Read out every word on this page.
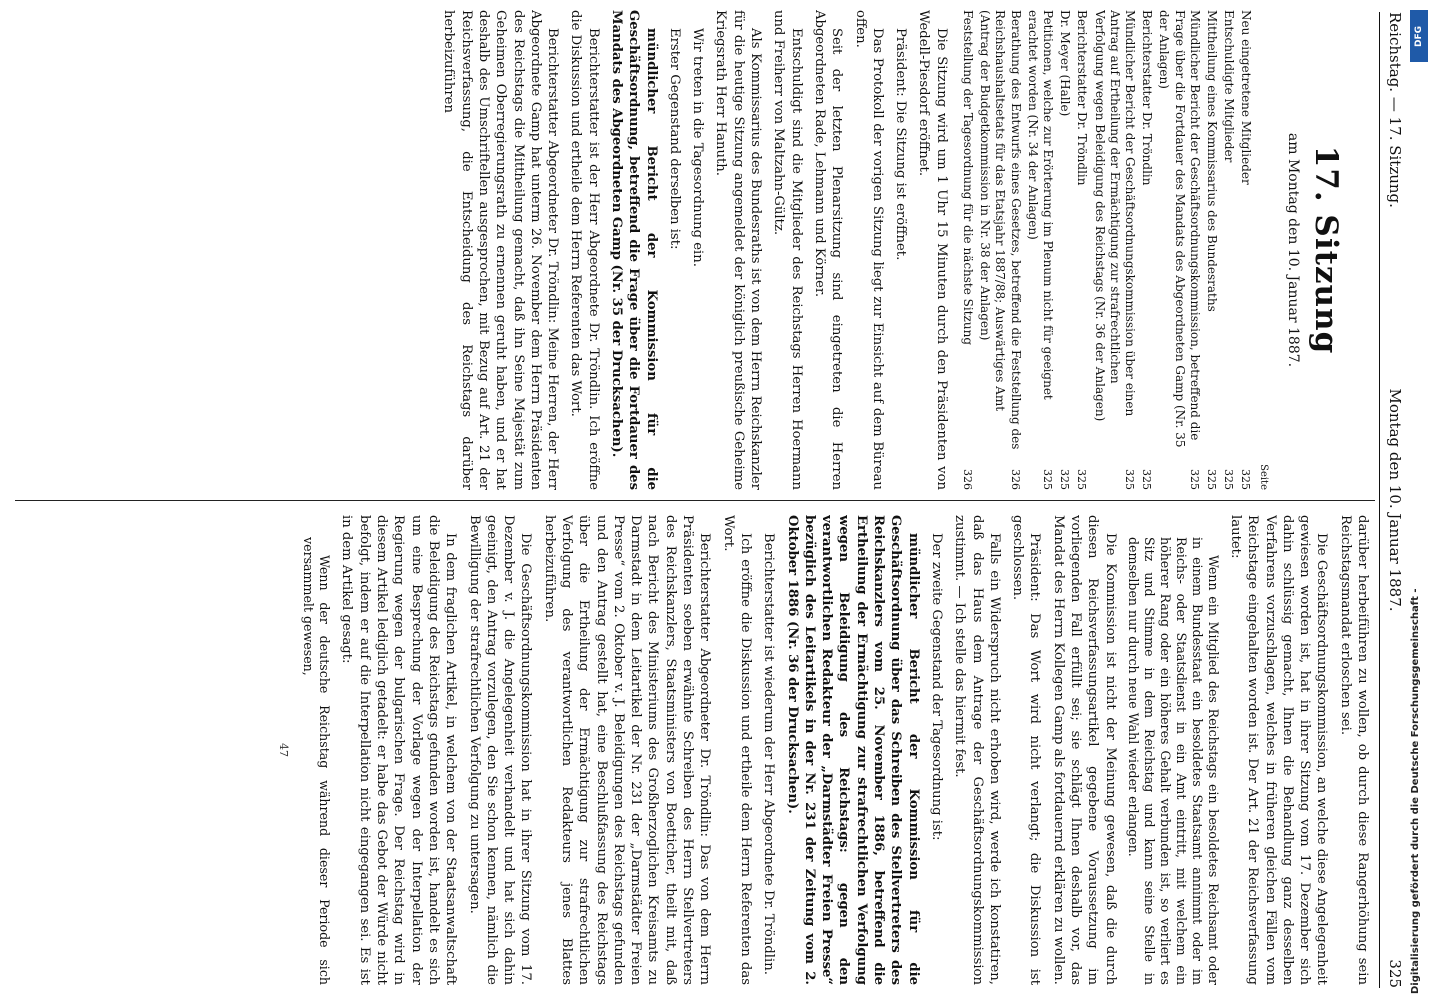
Reichstag. — 17. Sitzung.
Montag den 10. Januar 1887.
325
17. Sitzung
am Montag den 10. Januar 1887.
Seite
Neu eingetretene Mitglieder
325
Entschuldigte Mitglieder
325
Mittheilung eines Kommissarius des Bundesraths
325
Mündlicher Bericht der Geschäftsordnungskommission, betreffend die Frage über die Fortdauer des Mandats des Abgeordneten Gamp (Nr. 35 der Anlagen)
325
Berichterstatter Dr. Tröndlin
325
Mündlicher Bericht der Geschäftsordnungskommission über einen Antrag auf Ertheilung der Ermächtigung zur strafrechtlichen Verfolgung wegen Beleidigung des Reichstags (Nr. 36 der Anlagen)
325
Berichterstatter Dr. Tröndlin
325
Dr. Meyer (Halle)
325
Petitionen, welche zur Erörterung im Plenum nicht für geeignet erachtet worden (Nr. 34 der Anlagen)
325
Berathung des Entwurfs eines Gesetzes, betreffend die Feststellung des Reichshaushaltsetats für das Etatsjahr 1887/88; Auswärtiges Amt (Antrag der Budgetkommission in Nr. 38 der Anlagen)
326
Feststellung der Tagesordnung für die nächste Sitzung
326

Die Sitzung wird um 1 Uhr 15 Minuten durch den Präsidenten von Wedell-Piesdorf eröffnet.

Präsident: Die Sitzung ist eröffnet.

Das Protokoll der vorigen Sitzung liegt zur Einsicht auf dem Büreau offen.

Seit der letzten Plenarsitzung sind eingetreten die Herren Abgeordneten Rade, Lehmann und Körner.

Entschuldigt sind die Mitglieder des Reichstags Herren Hoermann und Freiherr von Maltzahn-Gültz.

Als Kommissarius des Bundesraths ist von dem Herrn Reichskanzler für die heutige Sitzung angemeldet der königlich preußische Geheime Kriegsrath Herr Hanuth.

Wir treten in die Tagesordnung ein.

Erster Gegenstand derselben ist:

mündlicher Bericht der Kommission für die Geschäftsordnung, betreffend die Frage über die Fortdauer des Mandats des Abgeordneten Gamp (Nr. 35 der Drucksachen).

Berichterstatter ist der Herr Abgeordnete Dr. Tröndlin. Ich eröffne die Diskussion und ertheile dem Herrn Referenten das Wort.

Berichterstatter Abgeordneter Dr. Tröndlin: Meine Herren, der Herr Abgeordnete Gamp hat unterm 26. November dem Herrn Präsidenten des Reichstags die Mittheilung gemacht, daß ihn Seine Majestät zum Geheimen Oberregierungsrath zu ernennen geruht haben, und er hat deshalb des Umschriftellen ausgesprochen, mit Bezug auf Art. 21 der Reichsverfassung, die Entscheidung des Reichstags darüber herbeizuführen

darüber herbeiführen zu wollen, ob durch diese Rangerhöhung sein Reichstagsmandat erloschen sei.

Die Geschäftsordnungskommission, an welche diese Angelegenheit gewiesen worden ist, hat in ihrer Sitzung vom 17. Dezember sich dahin schlüssig gemacht, Ihnen die Behandlung ganz desselben Verfahrens vorzuschlagen, welches in früheren gleichen Fällen vom Reichstage eingehalten worden ist. Der Art. 21 der Reichsverfassung lautet:

Wenn ein Mitglied des Reichstags ein besoldetes Reichsamt oder in einem Bundesstaat ein besoldetes Staatsamt annimmt oder im Reichs- oder Staatsdienst in ein Amt eintritt, mit welchem ein höherer Rang oder ein höheres Gehalt verbunden ist, so verliert es Sitz und Stimme in dem Reichstag und kann seine Stelle in demselben nur durch neue Wahl wieder erlangen.

Die Kommission ist nicht der Meinung gewesen, daß die durch diesen Reichsverfassungsartikel gegebene Voraussetzung im vorliegenden Fall erfüllt sei; sie schlägt Ihnen deshalb vor, das Mandat des Herrn Kollegen Gamp als fortdauernd erklären zu wollen.

Präsident: Das Wort wird nicht verlangt; die Diskussion ist geschlossen.

Falls ein Widerspruch nicht erhoben wird, werde ich konstatiren, daß das Haus dem Antrage der Geschäftsordnungskommission zustimmt. — Ich stelle das hiermit fest.

Der zweite Gegenstand der Tagesordnung ist:

mündlicher Bericht der Kommission für die Geschäftsordnung über das Schreiben des Stellvertreters des Reichskanzlers vom 25. November 1886, betreffend die Ertheilung der Ermächtigung zur strafrechtlichen Verfolgung wegen Beleidigung des Reichstags: gegen den verantwortlichen Redakteur der „Darmstädter Freien Presse“ bezüglich des Leitartikels in der Nr. 231 der Zeitung vom 2. Oktober 1886 (Nr. 36 der Drucksachen).

Berichterstatter ist wiederum der Herr Abgeordnete Dr. Tröndlin.

Ich eröffne die Diskussion und ertheile dem Herrn Referenten das Wort.

Berichterstatter Abgeordneter Dr. Tröndlin: Das von dem Herrn Präsidenten soeben erwähnte Schreiben des Herrn Stellvertreters des Reichskanzlers, Staatsministers von Boetticher, theilt mit, daß nach Bericht des Ministeriums des Großherzoglichen Kreisamts zu Darmstadt in dem Leitartikel der Nr. 231 der „Darmstädter Freien Presse“ vom 2. Oktober v. J. Beleidigungen des Reichstags gefunden und den Antrag gestellt hat, eine Beschlußfassung des Reichstags über die Ertheilung der Ermächtigung zur strafrechtlichen Verfolgung des verantwortlichen Redakteurs jenes Blattes herbeizuführen.

Die Geschäftsordnungskommission hat in ihrer Sitzung vom 17. Dezember v. J. die Angelegenheit verhandelt und hat sich dahin geeinigt, den Antrag vorzulegen, den Sie schon kennen, nämlich die Bewilligung der strafrechtlichen Verfolgung zu untersagen.

In dem fraglichen Artikel, in welchem von der Staatsanwaltschaft die Beleidigung des Reichstags gefunden worden ist, handelt es sich um eine Besprechung der Vorlage wegen der Interpellation der Regierung wegen der bulgarischen Frage. Der Reichstag wird in diesem Artikel lediglich getadelt: er habe das Gebot der Würde nicht befolgt, indem er auf die Interpellation nicht eingegangen sei. Es ist in dem Artikel gesagt:

Wenn der deutsche Reichstag während dieser Periode sich versammelt gewesen,

47	Digitalisierung gefördert durch die Deutsche Forschungsgemeinschaft -
DFG
